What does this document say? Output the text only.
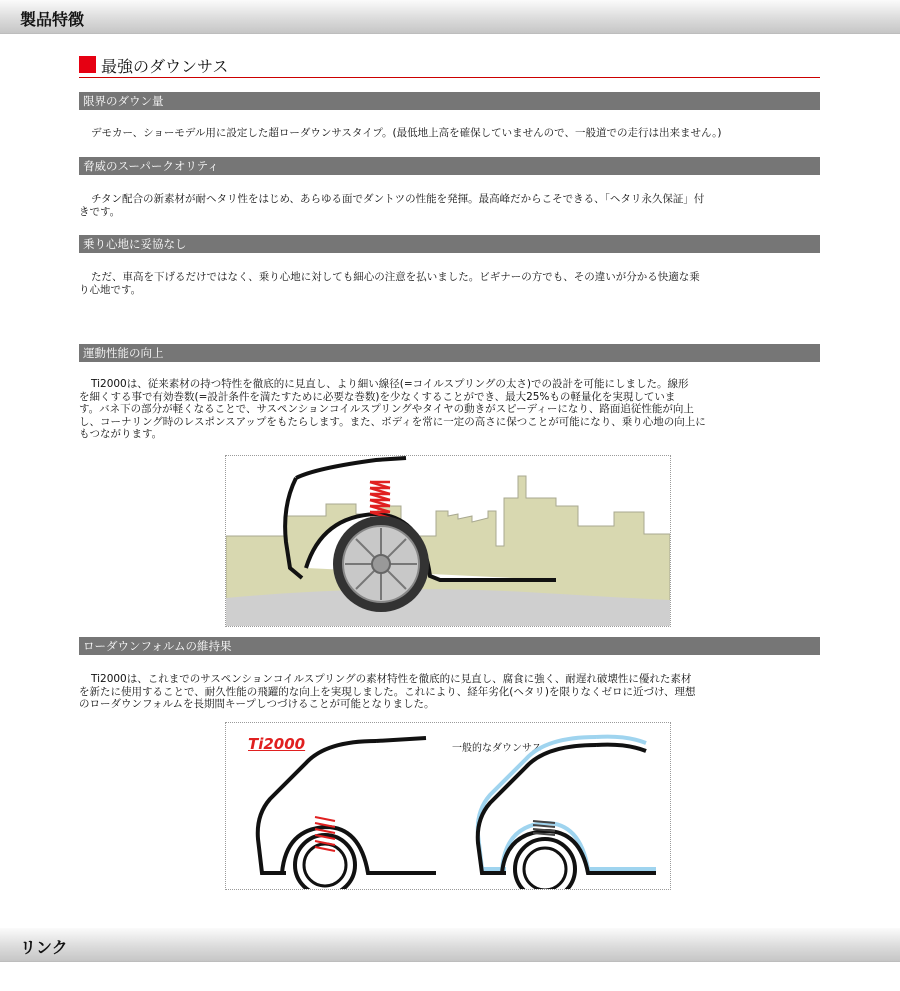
製品特徴
最強のダウンサス
限界のダウン量

デモカー、ショーモデル用に設定した超ローダウンサスタイプ。(最低地上高を確保していませんので、一般道での走行は出来ません。)

脅威のスーパークオリティ

チタン配合の新素材が耐ヘタリ性をはじめ、あらゆる面でダントツの性能を発揮。最高峰だからこそできる、「ヘタリ永久保証」付
きです。

乗り心地に妥協なし

ただ、車高を下げるだけではなく、乗り心地に対しても細心の注意を払いました。ビギナーの方でも、その違いが分かる快適な乗
り心地です。

運動性能の向上

Ti2000は、従来素材の持つ特性を徹底的に見直し、より細い線径(=コイルスプリングの太さ)での設計を可能にしました。線形
を細くする事で有効巻数(=設計条件を満たすために必要な巻数)を少なくすることができ、最大25%もの軽量化を実現していま
す。バネ下の部分が軽くなることで、サスペンションコイルスプリングやタイヤの動きがスピーディーになり、路面追従性能が向上
し、コーナリング時のレスポンスアップをもたらします。また、ボディを常に一定の高さに保つことが可能になり、乗り心地の向上に
もつながります。

ローダウンフォルムの維持果

Ti2000は、これまでのサスペンションコイルスプリングの素材特性を徹底的に見直し、腐食に強く、耐遅れ破壊性に優れた素材
を新たに使用することで、耐久性能の飛躍的な向上を実現しました。これにより、経年劣化(ヘタリ)を限りなくゼロに近づけ、理想
のローダウンフォルムを長期間キープしつづけることが可能となりました。

Ti2000	一般的なダウンサス
リンク
